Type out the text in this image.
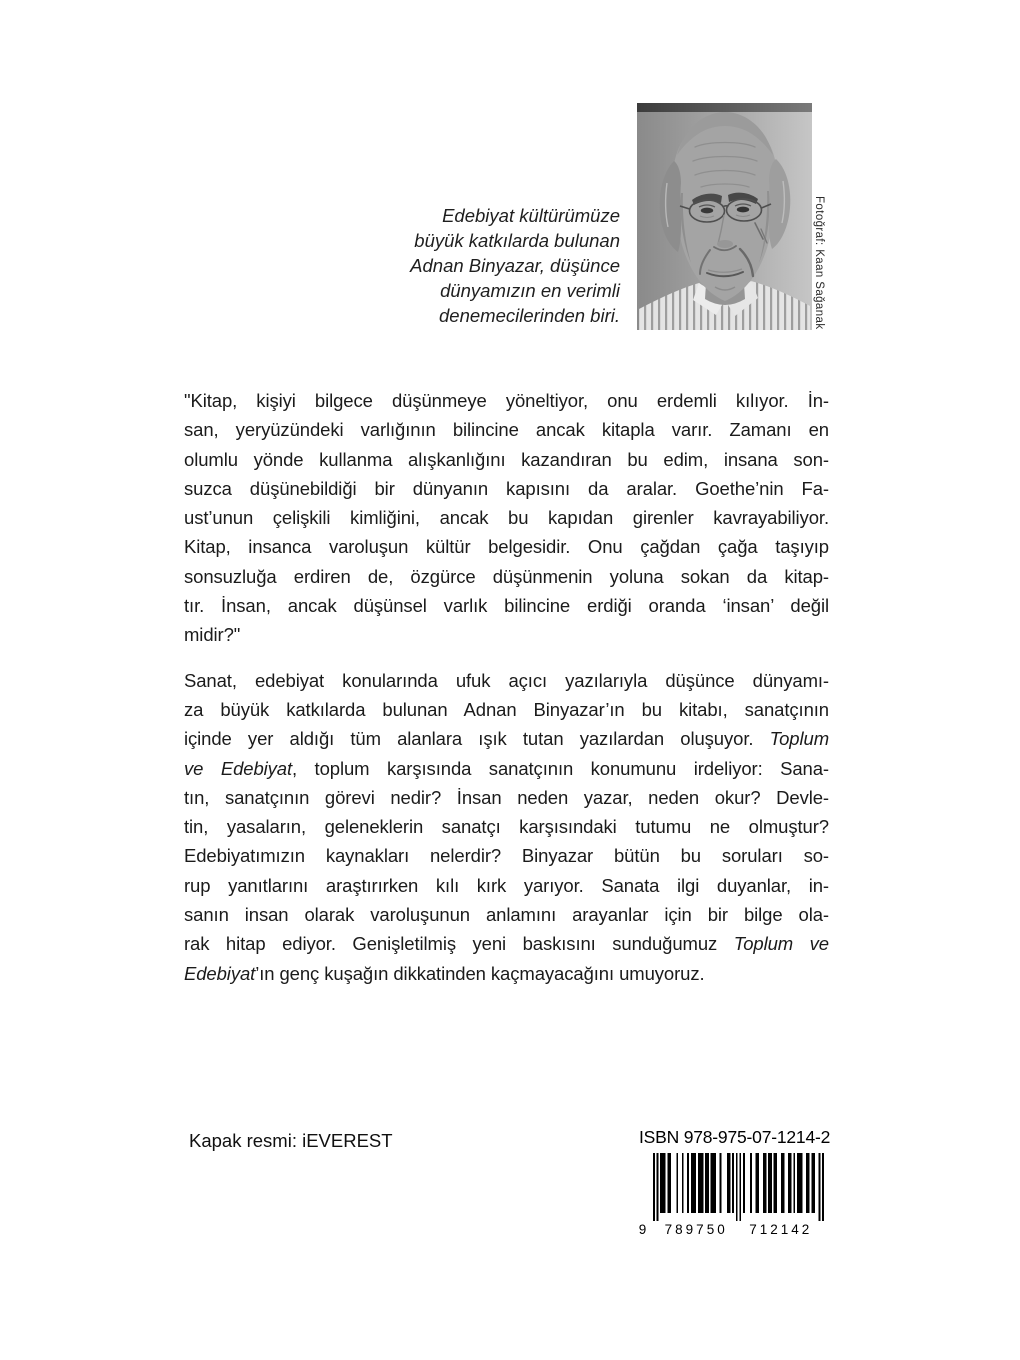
Edebiyat kültürümüze
büyük katkılarda bulunan
Adnan Binyazar, düşünce
dünyamızın en verimli
denemecilerinden biri.	Fotoğraf: Kaan Sağanak
"Kitap, kişiyi bilgece düşünmeye yöneltiyor, onu erdemli kılıyor. İn-
san, yeryüzündeki varlığının bilincine ancak kitapla varır. Zamanı en
olumlu yönde kullanma alışkanlığını kazandıran bu edim, insana son-
suzca düşünebildiği bir dünyanın kapısını da aralar. Goethe’nin Fa-
ust’unun çelişkili kimliğini, ancak bu kapıdan girenler kavrayabiliyor.
Kitap, insanca varoluşun kültür belgesidir. Onu çağdan çağa taşıyıp
sonsuzluğa erdiren de, özgürce düşünmenin yoluna sokan da kitap-
tır. İnsan, ancak düşünsel varlık bilincine erdiği oranda ‘insan’ değil
midir?"
Sanat, edebiyat konularında ufuk açıcı yazılarıyla düşünce dünyamı-
za büyük katkılarda bulunan Adnan Binyazar’ın bu kitabı, sanatçının
içinde yer aldığı tüm alanlara ışık tutan yazılardan oluşuyor. Toplum
ve Edebiyat, toplum karşısında sanatçının konumunu irdeliyor: Sana-
tın, sanatçının görevi nedir? İnsan neden yazar, neden okur? Devle-
tin, yasaların, geleneklerin sanatçı karşısındaki tutumu ne olmuştur?
Edebiyatımızın kaynakları nelerdir? Binyazar bütün bu soruları so-
rup yanıtlarını araştırırken kılı kırk yarıyor. Sanata ilgi duyanlar, in-
sanın insan olarak varoluşunun anlamını arayanlar için bir bilge ola-
rak hitap ediyor. Genişletilmiş yeni baskısını sunduğumuz Toplum ve
Edebiyat’ın genç kuşağın dikkatinden kaçmayacağını umuyoruz.
Kapak resmi: iEVEREST	ISBN 978-975-07-1214-2
9 789750 712142
